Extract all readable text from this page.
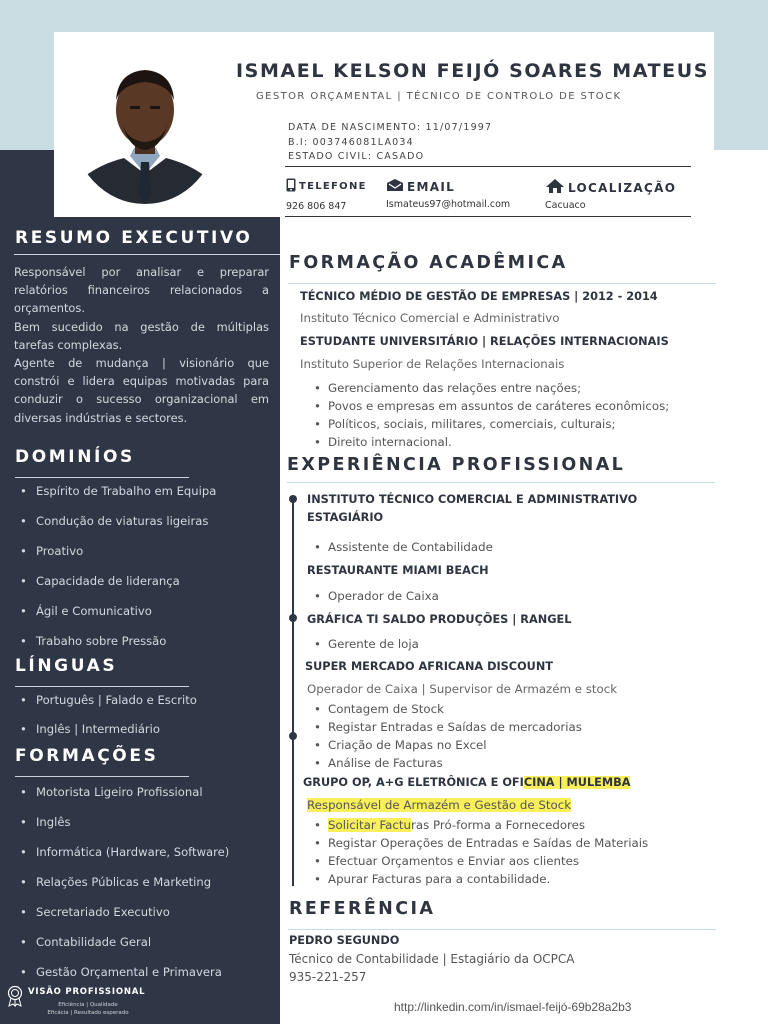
ISMAEL KELSON FEIJÓ SOARES MATEUS
GESTOR ORÇAMENTAL | TÉCNICO DE CONTROLO DE STOCK
DATA DE NASCIMENTO: 11/07/1997
B.I: 003746081LA034
ESTADO CIVIL: CASADO
TELEFONE
926 806 847
EMAIL
Ismateus97@hotmail.com
LOCALIZAÇÃO
Cacuaco
RESUMO EXECUTIVO
Responsável por analisar e preparar relatórios financeiros relacionados a orçamentos.
Bem sucedido na gestão de múltiplas tarefas complexas.
Agente de mudança | visionário que constrói e lidera equipas motivadas para conduzir o sucesso organizacional em diversas indústrias e sectores.
DOMINÍOS
• Espírito de Trabalho em Equipa
• Condução de viaturas ligeiras
• Proativo
• Capacidade de liderança
• Ágil e Comunicativo
• Trabaho sobre Pressão
LÍNGUAS
• Português | Falado e Escrito
• Inglês | Intermediário
FORMAÇÕES
• Motorista Ligeiro Profissional
• Inglês
• Informática (Hardware, Software)
• Relações Públicas e Marketing
• Secretariado Executivo
• Contabilidade Geral
• Gestão Orçamental e Primavera
VISÃO PROFISSIONAL
Eficiência | Qualidade
Eficácia | Resultado esperado
FORMAÇÃO ACADÊMICA
TÉCNICO MÉDIO DE GESTÃO DE EMPRESAS | 2012 - 2014
Instituto Técnico Comercial e Administrativo
ESTUDANTE UNIVERSITÁRIO | RELAÇÕES INTERNACIONAIS
Instituto Superior de Relações Internacionais
• Gerenciamento das relações entre nações;
• Povos e empresas em assuntos de caráteres econômicos;
• Políticos, sociais, militares, comerciais, culturais;
• Direito internacional.
EXPERIÊNCIA PROFISSIONAL
INSTITUTO TÉCNICO COMERCIAL E ADMINISTRATIVO
ESTAGIÁRIO
• Assistente de Contabilidade
RESTAURANTE MIAMI BEACH
• Operador de Caixa
GRÁFICA TI SALDO PRODUÇÕES | RANGEL
• Gerente de loja
SUPER MERCADO AFRICANA DISCOUNT
Operador de Caixa | Supervisor de Armazém e stock
• Contagem de Stock
• Registar Entradas e Saídas de mercadorias
• Criação de Mapas no Excel
• Análise de Facturas
GRUPO OP, A+G ELETRÔNICA E OFICINA | MULEMBA
Responsável de Armazém e Gestão de Stock
• Solicitar Facturas Pró-forma a Fornecedores
• Registar Operações de Entradas e Saídas de Materiais
• Efectuar Orçamentos e Enviar aos clientes
• Apurar Facturas para a contabilidade.
REFERÊNCIA
PEDRO SEGUNDO
Técnico de Contabilidade | Estagiário da OCPCA
935-221-257
http://linkedin.com/in/ismael-feijó-69b28a2b3
